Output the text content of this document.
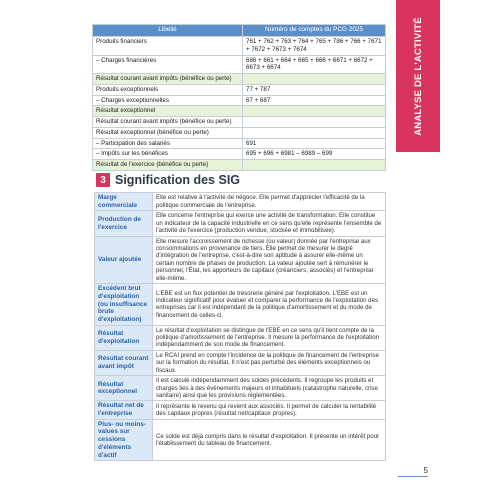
ANALYSE DE L'ACTIVITÉ
Libellé	Numéro de comptes du PCG 2025
Produits financiers	761 + 762 + 763 + 764 + 765 + 786 + 766 + 7671 + 7672 + 7673 + 7674
– Charges financières	686 + 661 + 664 + 665 + 666 + 6671 + 6672 + 6673 + 6674
Résultat courant avant impôts (bénéfice ou perte)	
Produits exceptionnels	77 + 787
– Charges exceptionnelles	67 + 687
Résultat exceptionnel	
Résultat courant avant impôts (bénéfice ou perte)	
Résultat exceptionnel (bénéfice ou perte)	
– Participation des salariés	691
– Impôts sur les bénéfices	695 + 696 + 6981 – 6989 – 699
Résultat de l'exercice (bénéfice ou perte)	
3 Signification des SIG
Marge commerciale	Elle est relative à l'activité de négoce. Elle permet d'apprécier l'efficacité de la politique commerciale de l'entreprise.
Production de l'exercice	Elle concerne l'entreprise qui exerce une activité de transformation. Elle constitue un indicateur de la capacité industrielle en ce sens qu'elle représente l'ensemble de l'activité de l'exercice (production vendue, stockée et immobilisée).
Valeur ajoutée	Elle mesure l'accroissement de richesse (ou valeur) donnée par l'entreprise aux consommations en provenance de tiers. Elle permet de mesurer le degré d'intégration de l'entreprise, c'est-à-dire son aptitude à assurer elle-même un certain nombre de phases de production. La valeur ajoutée sert à rémunérer le personnel, l'État, les apporteurs de capitaux (créanciers, associés) et l'entreprise elle-même.
Excédent brut d'exploitation (ou insuffisance brute d'exploitation)	L'EBE est un flux potentiel de trésorerie généré par l'exploitation. L'EBE est un indicateur significatif pour évaluer et comparer la performance de l'exploitation des entreprises car il est indépendant de la politique d'amortissement et du mode de financement de celles-ci.
Résultat d'exploitation	Le résultat d'exploitation se distingue de l'EBE en ce sens qu'il tient compte de la politique d'amortissement de l'entreprise. Il mesure la performance de l'exploitation indépendamment de son mode de financement.
Résultat courant avant impôt	Le RCAI prend en compte l'incidence de la politique de financement de l'entreprise sur la formation du résultat. Il n'est pas perturbé des éléments exceptionnels ou fiscaux.
Résultat exceptionnel	Il est calculé indépendamment des soldes précédents. Il regroupe les produits et charges liés à des événements majeurs et inhabituels (catastrophe naturelle, crise sanitaire) ainsi que les provisions réglementées.
Résultat net de l'entreprise	Il représente le revenu qui revient aux associés. Il permet de calculer la rentabilité des capitaux propres (résultat net/capitaux propres).
Plus- ou moins-values sur cessions d'éléments d'actif	Ce solde est déjà compris dans le résultat d'exploitation. Il présente un intérêt pour l'établissement du tableau de financement.
5
